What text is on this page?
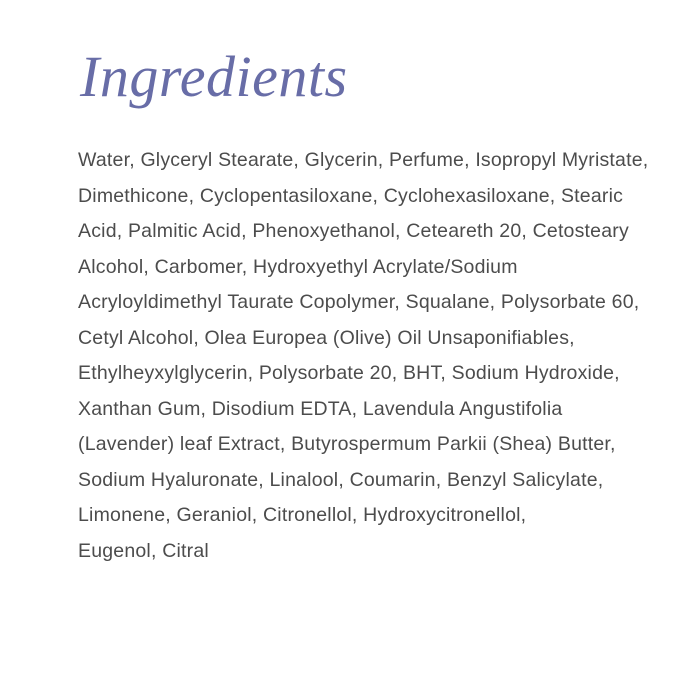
Ingredients
Water, Glyceryl Stearate, Glycerin, Perfume, Isopropyl Myristate,
Dimethicone, Cyclopentasiloxane, Cyclohexasiloxane, Stearic
Acid, Palmitic Acid, Phenoxyethanol, Ceteareth 20, Cetosteary
Alcohol, Carbomer, Hydroxyethyl Acrylate/Sodium
Acryloyldimethyl Taurate Copolymer, Squalane, Polysorbate 60,
Cetyl Alcohol, Olea Europea (Olive) Oil Unsaponifiables,
Ethylheyxylglycerin, Polysorbate 20, BHT, Sodium Hydroxide,
Xanthan Gum, Disodium EDTA, Lavendula Angustifolia
(Lavender) leaf Extract, Butyrospermum Parkii (Shea) Butter,
Sodium Hyaluronate, Linalool, Coumarin, Benzyl Salicylate,
Limonene, Geraniol, Citronellol, Hydroxycitronellol,
Eugenol, Citral
